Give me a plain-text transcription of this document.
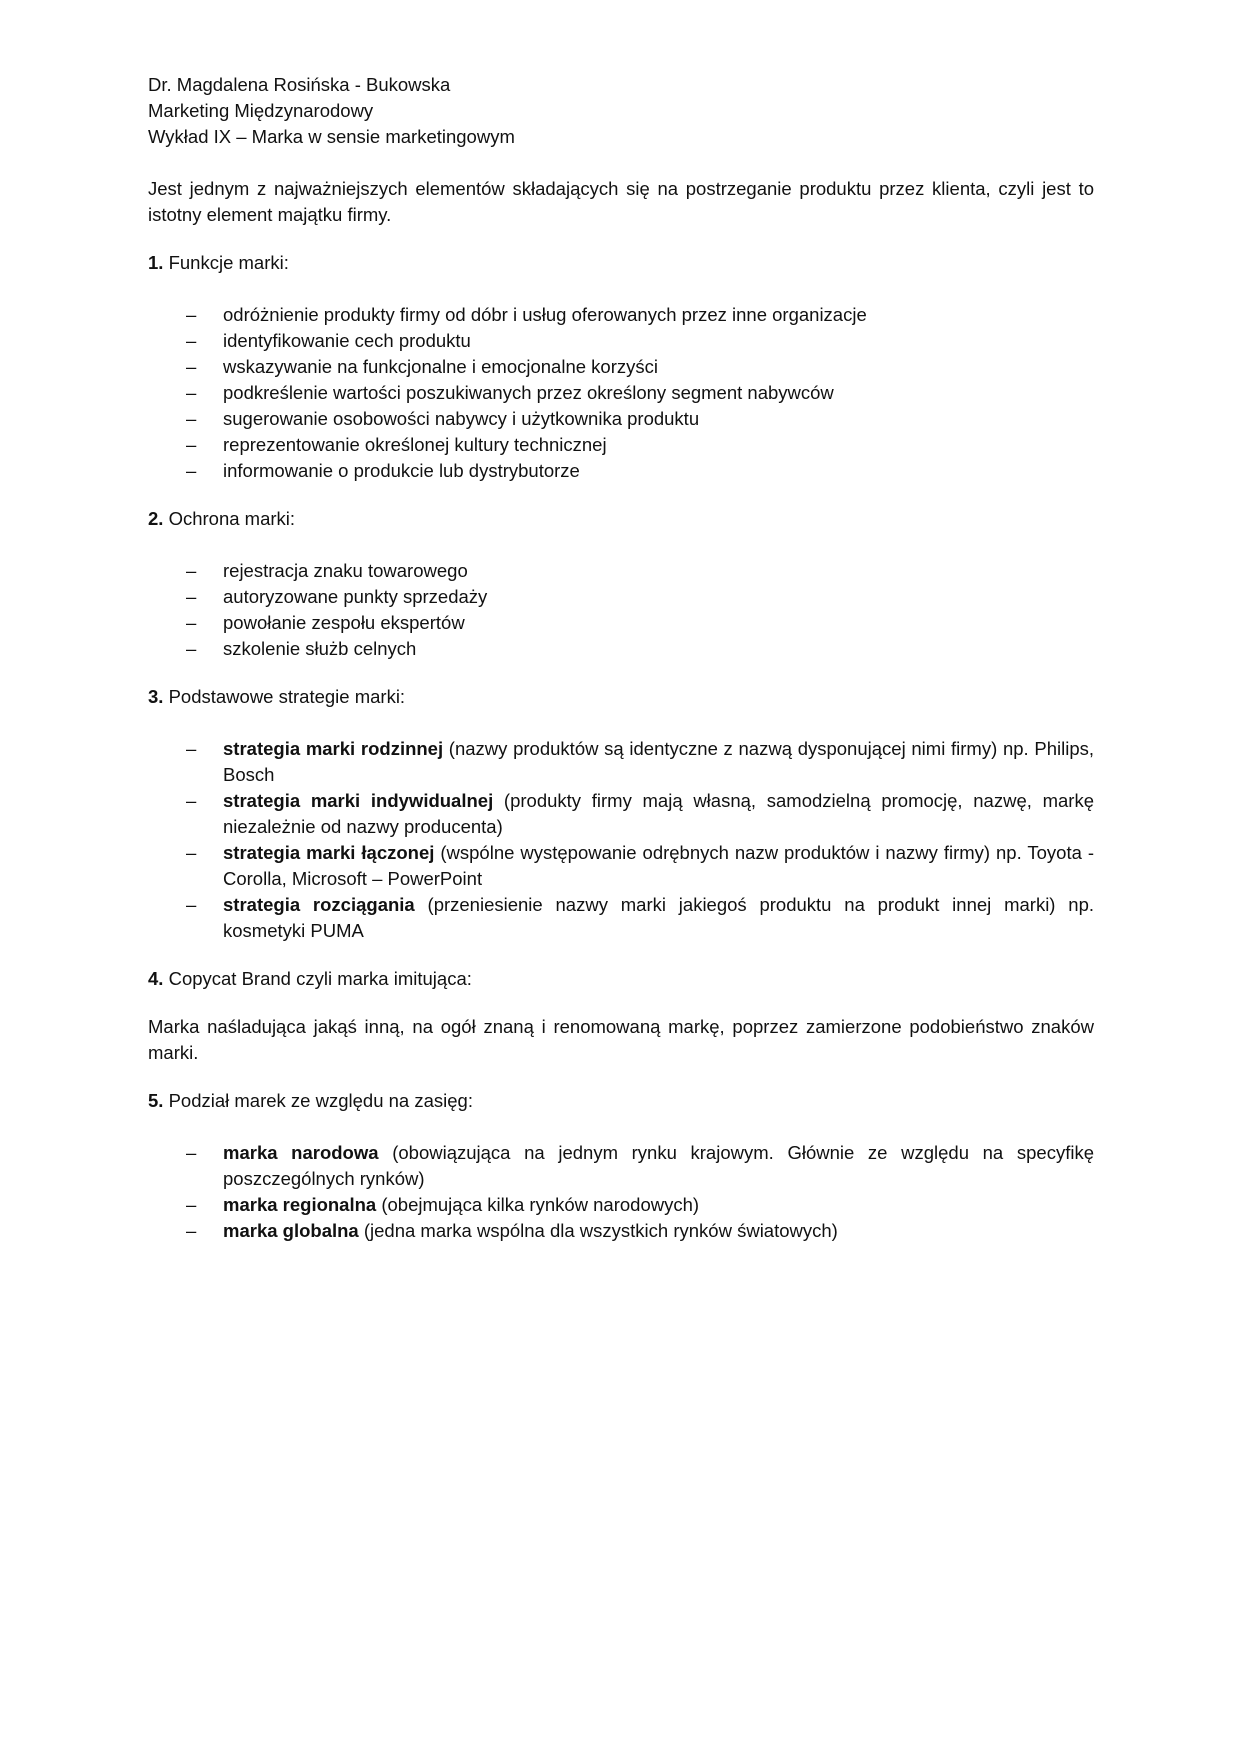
Dr. Magdalena Rosińska - Bukowska

Marketing Międzynarodowy

Wykład IX – Marka w sensie marketingowym

Jest jednym z najważniejszych elementów składających się na postrzeganie produktu przez klienta, czyli jest to istotny element majątku firmy.

1. Funkcje marki:

– odróżnienie produkty firmy od dóbr i usług oferowanych przez inne organizacje
– identyfikowanie cech produktu
– wskazywanie na funkcjonalne i emocjonalne korzyści
– podkreślenie wartości poszukiwanych przez określony segment nabywców
– sugerowanie osobowości nabywcy i użytkownika produktu
– reprezentowanie określonej kultury technicznej
– informowanie o produkcie lub dystrybutorze

2. Ochrona marki:

– rejestracja znaku towarowego
– autoryzowane punkty sprzedaży
– powołanie zespołu ekspertów
– szkolenie służb celnych

3. Podstawowe strategie marki:

– strategia marki rodzinnej (nazwy produktów są identyczne z nazwą dysponującej nimi firmy) np. Philips, Bosch
– strategia marki indywidualnej (produkty firmy mają własną, samodzielną promocję, nazwę, markę niezależnie od nazwy producenta)
– strategia marki łączonej (wspólne występowanie odrębnych nazw produktów i nazwy firmy) np. Toyota - Corolla, Microsoft – PowerPoint
– strategia rozciągania (przeniesienie nazwy marki jakiegoś produktu na produkt innej marki) np. kosmetyki PUMA

4. Copycat Brand czyli marka imitująca:

Marka naśladująca jakąś inną, na ogół znaną i renomowaną markę, poprzez zamierzone podobieństwo znaków marki.

5. Podział marek ze względu na zasięg:

– marka narodowa (obowiązująca na jednym rynku krajowym. Głównie ze względu na specyfikę poszczególnych rynków)
– marka regionalna (obejmująca kilka rynków narodowych)
– marka globalna (jedna marka wspólna dla wszystkich rynków światowych)
